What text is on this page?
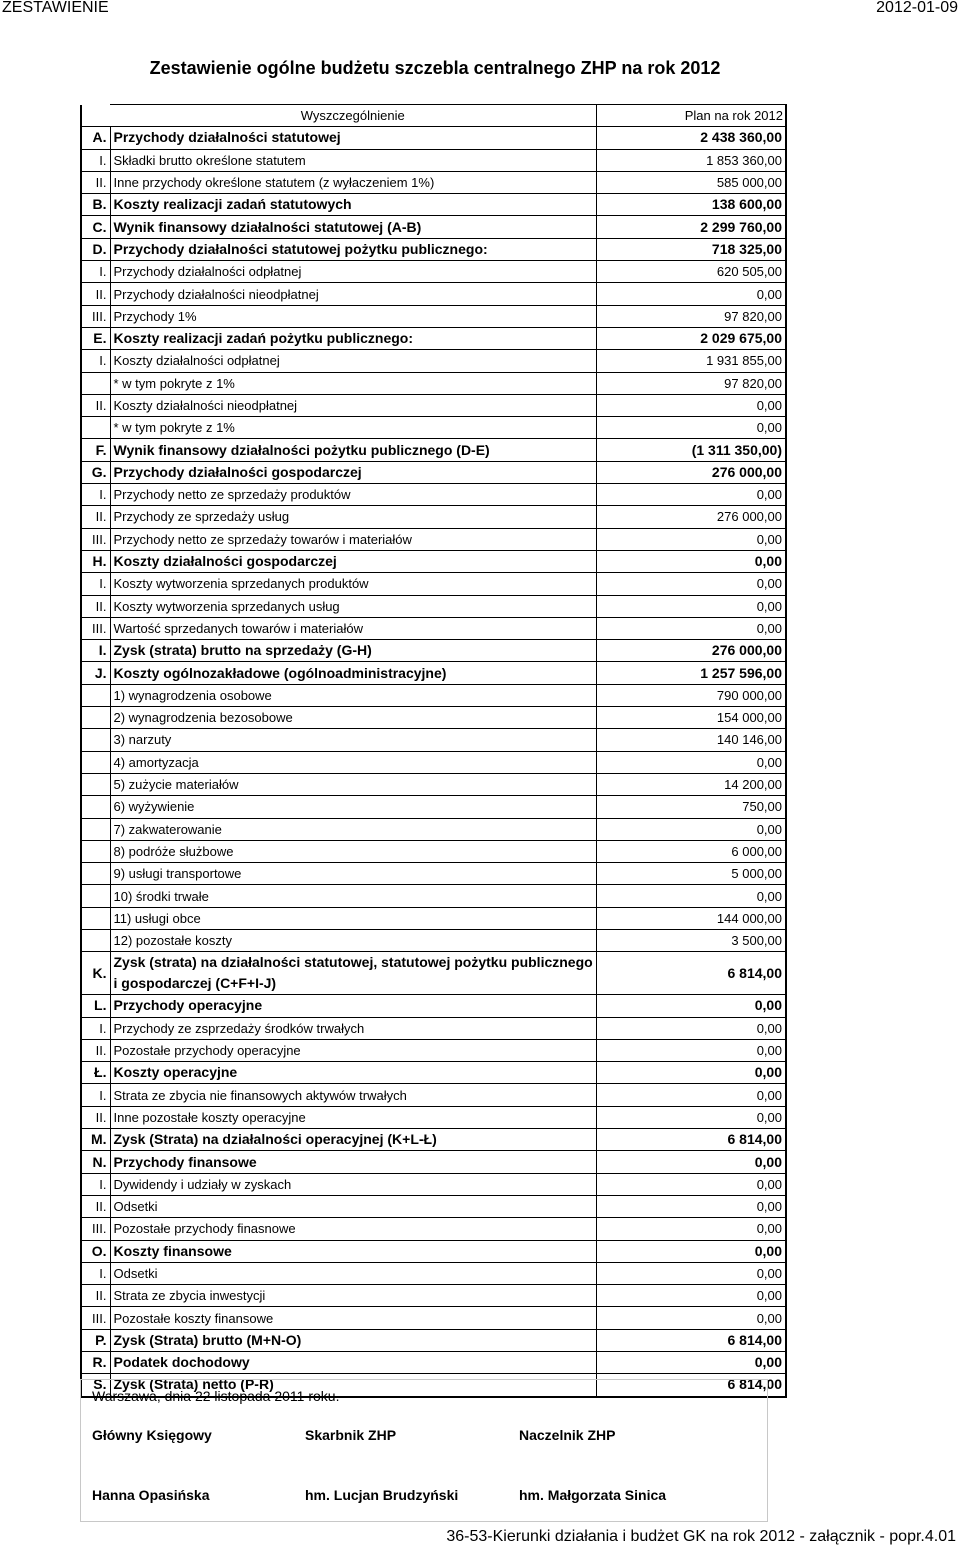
ZESTAWIENIE	2012-01-09
Zestawienie ogólne budżetu szczebla centralnego ZHP na rok 2012
	Wyszczególnienie	Plan na rok 2012
A.	Przychody działalności statutowej	2 438 360,00
I.	Składki brutto określone statutem	1 853 360,00
II.	Inne przychody określone statutem (z wyłaczeniem 1%)	585 000,00
B.	Koszty realizacji zadań statutowych	138 600,00
C.	Wynik finansowy działalności statutowej (A-B)	2 299 760,00
D.	Przychody działalności statutowej pożytku publicznego:	718 325,00
I.	Przychody działalności odpłatnej	620 505,00
II.	Przychody działalności nieodpłatnej	0,00
III.	Przychody 1%	97 820,00
E.	Koszty realizacji zadań pożytku publicznego:	2 029 675,00
I.	Koszty działalności odpłatnej	1 931 855,00
	* w tym pokryte z 1%	97 820,00
II.	Koszty działalności nieodpłatnej	0,00
	* w tym pokryte z 1%	0,00
F.	Wynik finansowy działalności pożytku publicznego (D-E)	(1 311 350,00)
G.	Przychody działalności gospodarczej	276 000,00
I.	Przychody netto ze sprzedaży produktów	0,00
II.	Przychody ze sprzedaży usług	276 000,00
III.	Przychody netto ze sprzedaży towarów i materiałów	0,00
H.	Koszty działalności gospodarczej	0,00
I.	Koszty wytworzenia sprzedanych produktów	0,00
II.	Koszty wytworzenia sprzedanych usług	0,00
III.	Wartość sprzedanych towarów i materiałów	0,00
I.	Zysk (strata) brutto na sprzedaży (G-H)	276 000,00
J.	Koszty ogólnozakładowe (ogólnoadministracyjne)	1 257 596,00
	1) wynagrodzenia osobowe	790 000,00
	2) wynagrodzenia bezosobowe	154 000,00
	3) narzuty	140 146,00
	4) amortyzacja	0,00
	5) zużycie materiałów	14 200,00
	6) wyżywienie	750,00
	7) zakwaterowanie	0,00
	8) podróże służbowe	6 000,00
	9) usługi transportowe	5 000,00
	10) środki trwałe	0,00
	11) usługi obce	144 000,00
	12) pozostałe koszty	3 500,00
K.	Zysk (strata) na działalności statutowej, statutowej pożytku publicznego i gospodarczej (C+F+I-J)	6 814,00
L.	Przychody operacyjne	0,00
I.	Przychody ze zsprzedaży środków trwałych	0,00
II.	Pozostałe przychody operacyjne	0,00
Ł.	Koszty operacyjne	0,00
I.	Strata ze zbycia nie finansowych aktywów trwałych	0,00
II.	Inne pozostałe koszty operacyjne	0,00
M.	Zysk (Strata) na działalności operacyjnej (K+L-Ł)	6 814,00
N.	Przychody finansowe	0,00
I.	Dywidendy i udziały w zyskach	0,00
II.	Odsetki	0,00
III.	Pozostałe przychody finasnowe	0,00
O.	Koszty finansowe	0,00
I.	Odsetki	0,00
II.	Strata ze zbycia inwestycji	0,00
III.	Pozostałe koszty finansowe	0,00
P.	Zysk (Strata) brutto (M+N-O)	6 814,00
R.	Podatek dochodowy	0,00
S.	Zysk (Strata) netto (P-R)	6 814,00
Warszawa, dnia 22 listopada 2011 roku.
Główny Księgowy	Skarbnik ZHP	Naczelnik ZHP
Hanna Opasińska	hm. Lucjan Brudzyński	hm. Małgorzata Sinica
36-53-Kierunki działania i budżet GK na rok 2012 - załącznik - popr.4.01
